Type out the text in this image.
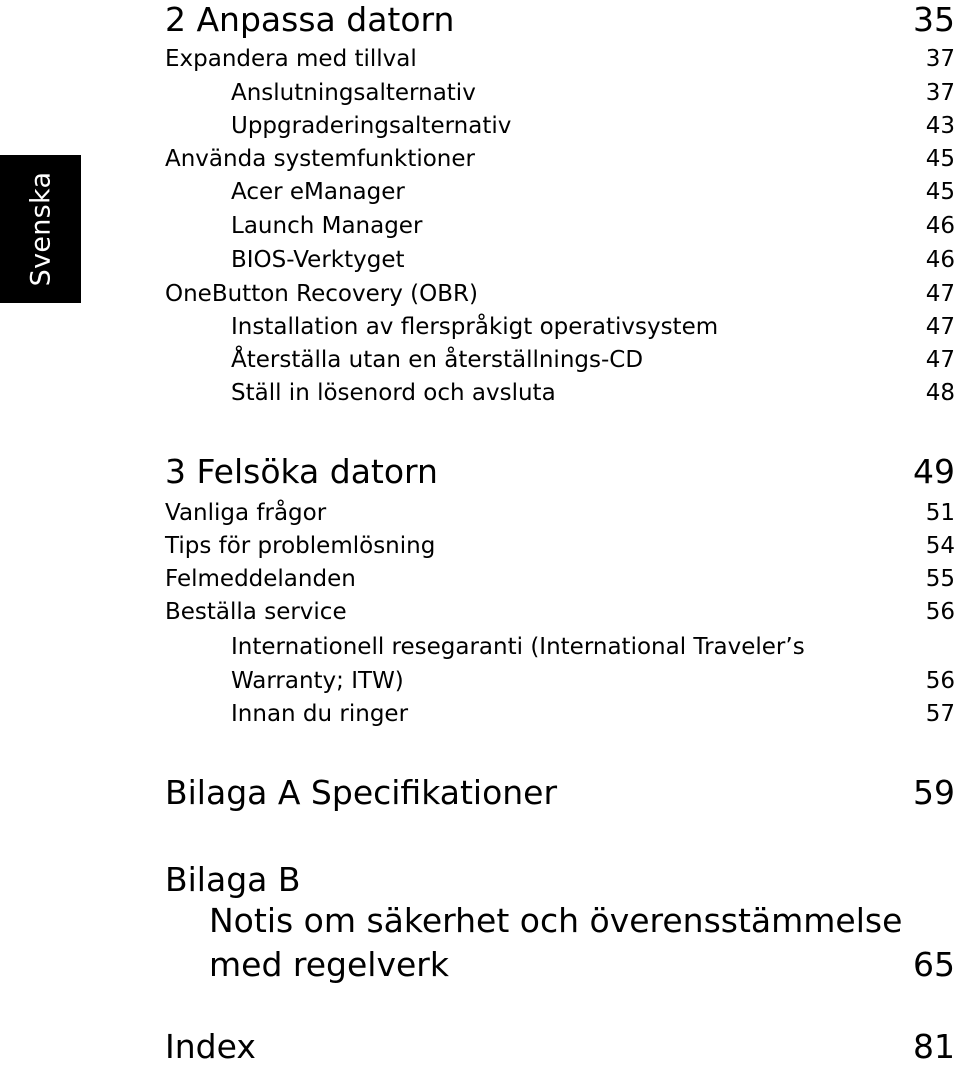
Svenska
2 Anpassa datorn	35
Expandera med tillval	37
Anslutningsalternativ	37
Uppgraderingsalternativ	43
Använda systemfunktioner	45
Acer eManager	45
Launch Manager	46
BIOS-Verktyget	46
OneButton Recovery (OBR)	47
Installation av flerspråkigt operativsystem	47
Återställa utan en återställnings-CD	47
Ställ in lösenord och avsluta	48
3 Felsöka datorn	49
Vanliga frågor	51
Tips för problemlösning	54
Felmeddelanden	55
Beställa service	56
Internationell resegaranti (International Traveler’s
Warranty; ITW)	56
Innan du ringer	57
Bilaga A Specifikationer	59
Bilaga B
Notis om säkerhet och överensstämmelse
med regelverk	65
Index	81
